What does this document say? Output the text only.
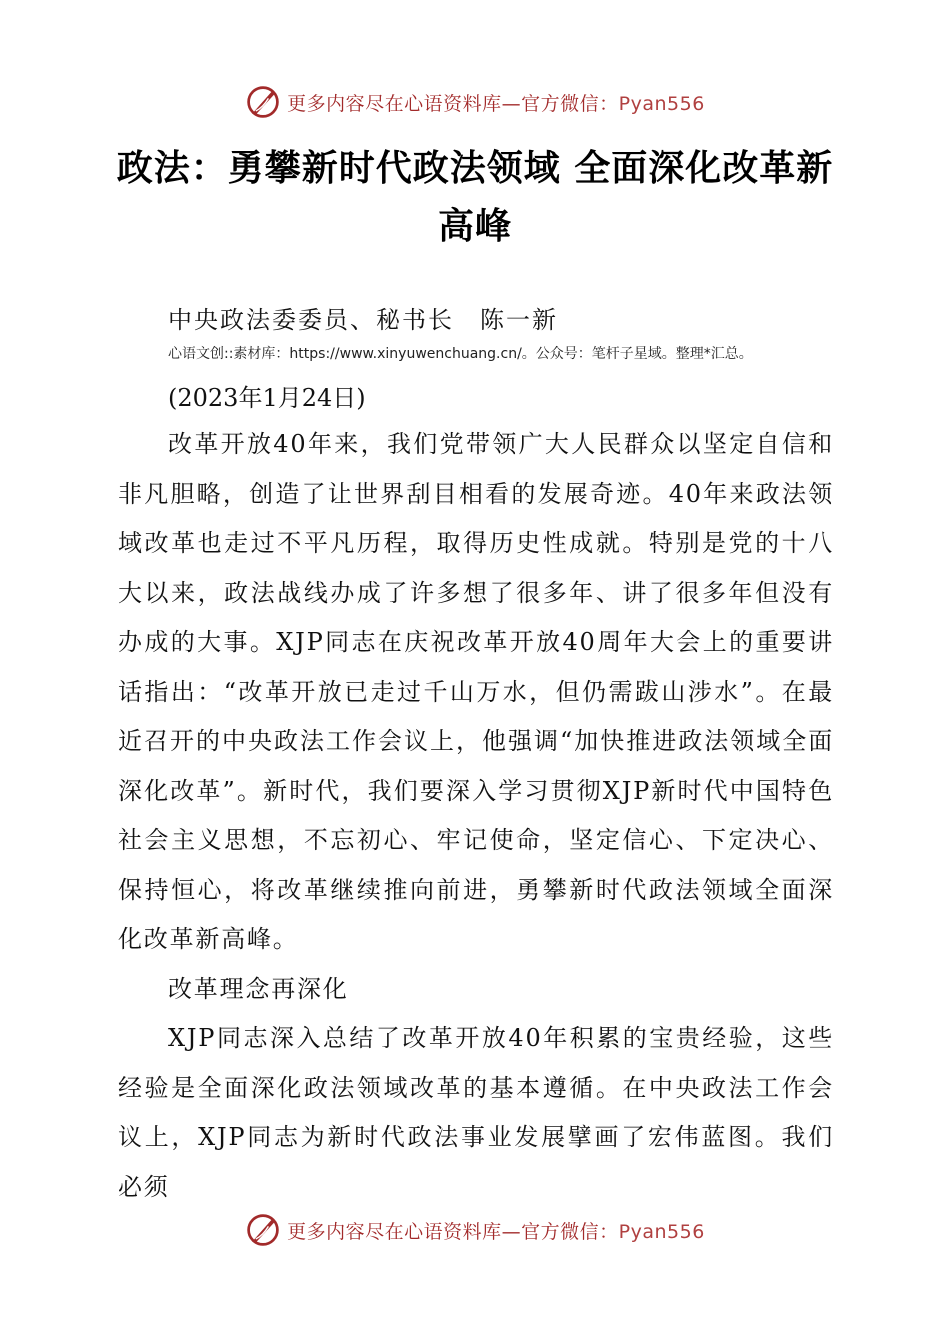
更多内容尽在心语资料库—官方微信：Pyan556
政法：勇攀新时代政法领域 全面深化改革新高峰
中央政法委委员、秘书长　陈一新
心语文创::素材库：https://www.xinyuwenchuang.cn/。公众号：笔杆子星域。整理*汇总。
(2023年1月24日)

改革开放40年来，我们党带领广大人民群众以坚定自信和非凡胆略，创造了让世界刮目相看的发展奇迹。40年来政法领域改革也走过不平凡历程，取得历史性成就。特别是党的十八大以来，政法战线办成了许多想了很多年、讲了很多年但没有办成的大事。XJP同志在庆祝改革开放40周年大会上的重要讲话指出：“改革开放已走过千山万水，但仍需跋山涉水”。在最近召开的中央政法工作会议上，他强调“加快推进政法领域全面深化改革”。新时代，我们要深入学习贯彻XJP新时代中国特色社会主义思想，不忘初心、牢记使命，坚定信心、下定决心、保持恒心，将改革继续推向前进，勇攀新时代政法领域全面深化改革新高峰。

改革理念再深化

XJP同志深入总结了改革开放40年积累的宝贵经验，这些经验是全面深化政法领域改革的基本遵循。在中央政法工作会议上，XJP同志为新时代政法事业发展擘画了宏伟蓝图。我们必须

更多内容尽在心语资料库—官方微信：Pyan556
